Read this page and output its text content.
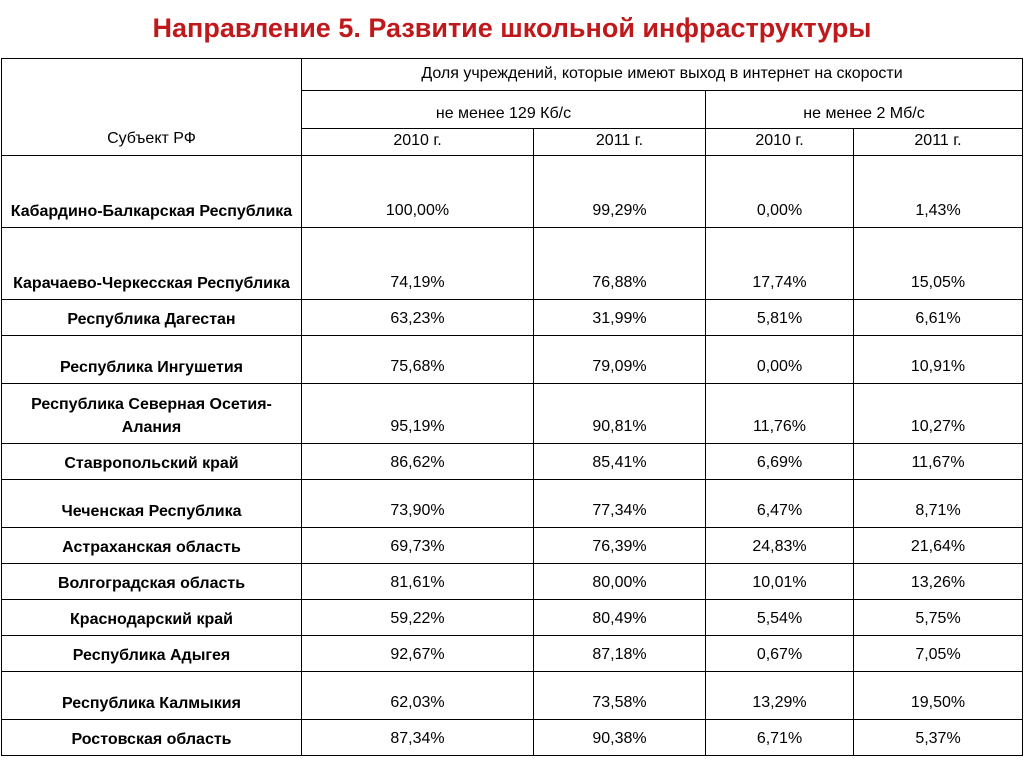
Направление 5. Развитие школьной инфраструктуры
Субъект РФ	Доля учреждений, которые имеют выход в интернет на скорости			
	не менее 129 Кб/с		не менее 2 Мб/с	
	2010 г.	2011 г.	2010 г.	2011 г.
Кабардино-Балкарская Республика	100,00%	99,29%	0,00%	1,43%
Карачаево-Черкесская Республика	74,19%	76,88%	17,74%	15,05%
Республика Дагестан	63,23%	31,99%	5,81%	6,61%
Республика Ингушетия	75,68%	79,09%	0,00%	10,91%
Республика Северная Осетия-Алания	95,19%	90,81%	11,76%	10,27%
Ставропольский край	86,62%	85,41%	6,69%	11,67%
Чеченская Республика	73,90%	77,34%	6,47%	8,71%
Астраханская область	69,73%	76,39%	24,83%	21,64%
Волгоградская область	81,61%	80,00%	10,01%	13,26%
Краснодарский край	59,22%	80,49%	5,54%	5,75%
Республика Адыгея	92,67%	87,18%	0,67%	7,05%
Республика Калмыкия	62,03%	73,58%	13,29%	19,50%
Ростовская область	87,34%	90,38%	6,71%	5,37%
